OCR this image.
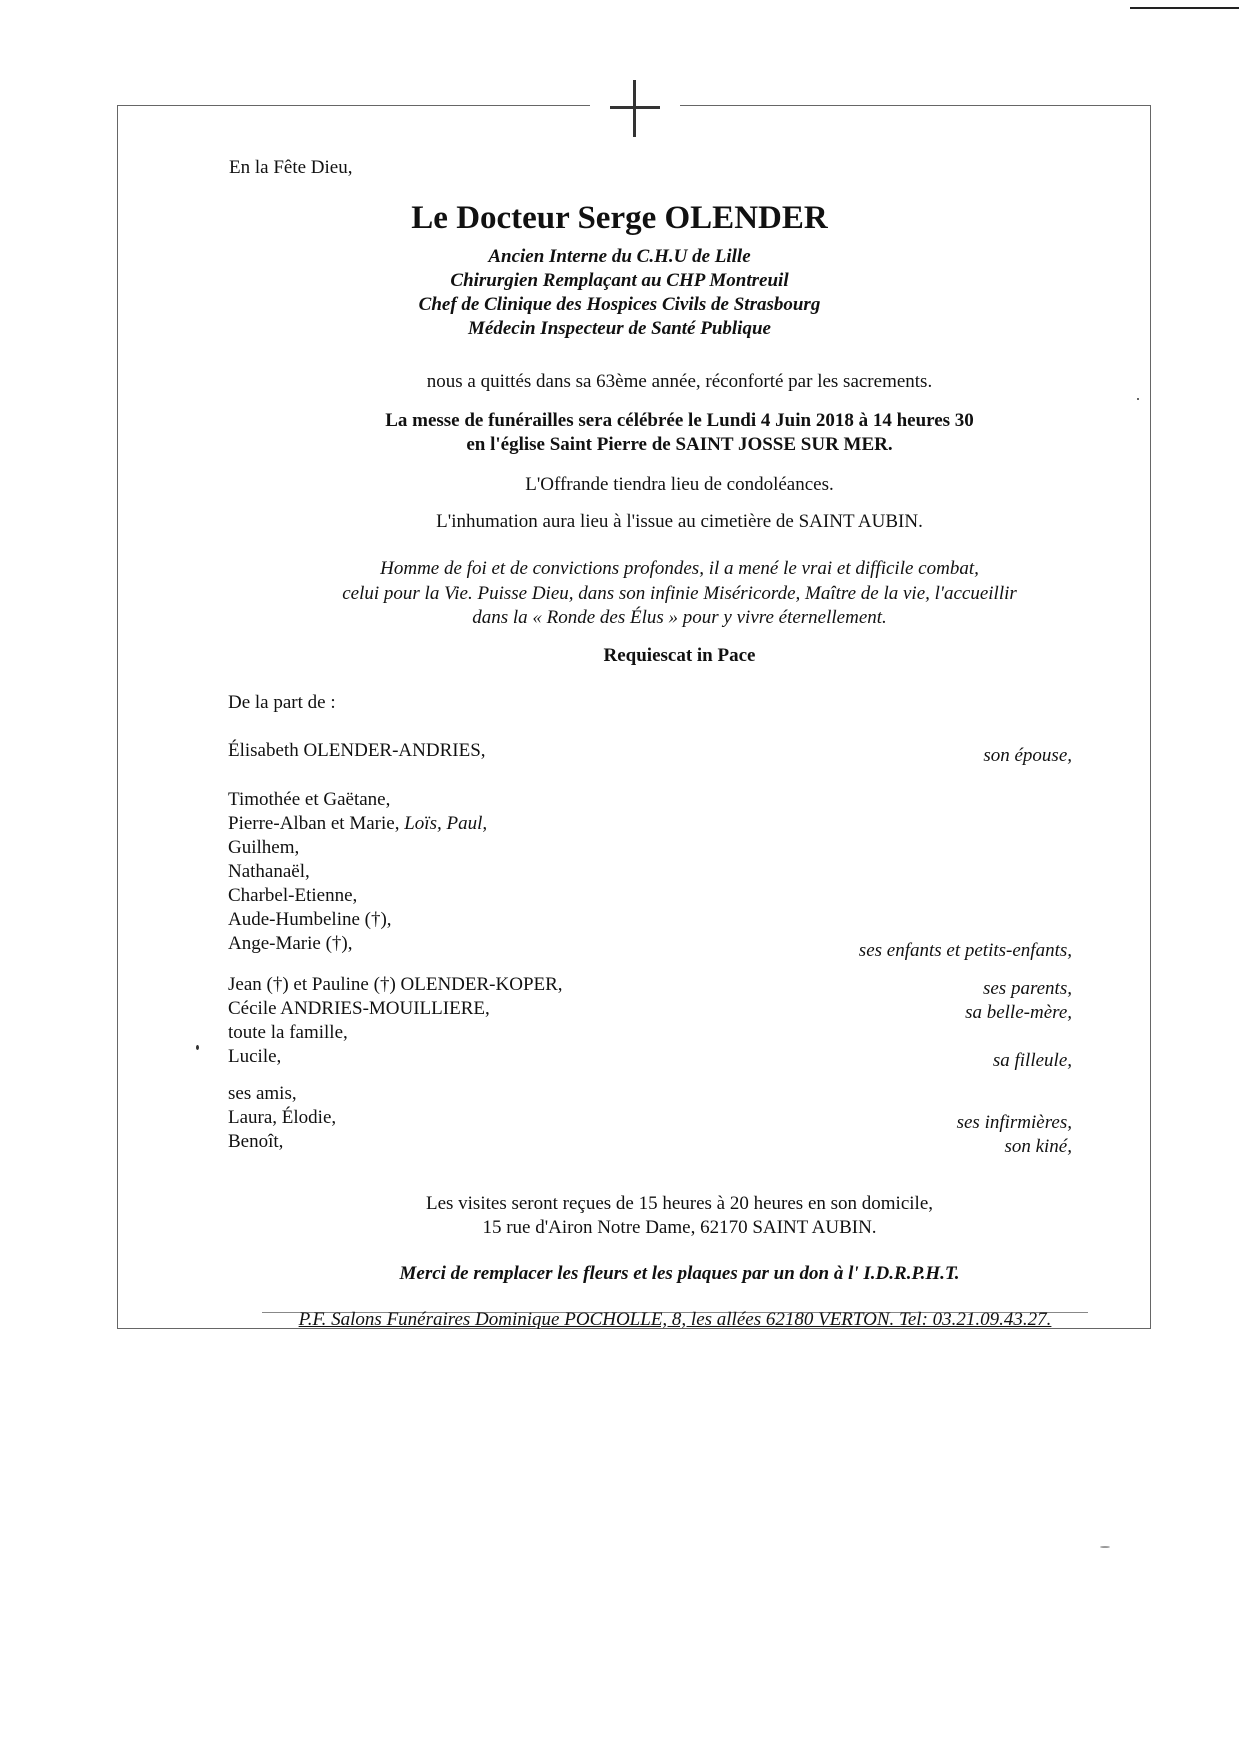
En la Fête Dieu,
Le Docteur Serge OLENDER
Ancien Interne du C.H.U de Lille
Chirurgien Remplaçant au CHP Montreuil
Chef de Clinique des Hospices Civils de Strasbourg
Médecin Inspecteur de Santé Publique
nous a quittés dans sa 63ème année, réconforté par les sacrements.
La messe de funérailles sera célébrée le Lundi 4 Juin 2018 à 14 heures 30
en l'église Saint Pierre de SAINT JOSSE SUR MER.
L'Offrande tiendra lieu de condoléances.
L'inhumation aura lieu à l'issue au cimetière de SAINT AUBIN.
Homme de foi et de convictions profondes, il a mené le vrai et difficile combat,
celui pour la Vie. Puisse Dieu, dans son infinie Miséricorde, Maître de la vie, l'accueillir
dans la « Ronde des Élus » pour y vivre éternellement.
Requiescat in Pace
De la part de :
Élisabeth OLENDER-ANDRIES,	son épouse,
Timothée et Gaëtane,
Pierre-Alban et Marie, Loïs, Paul,
Guilhem,
Nathanaël,
Charbel-Etienne,
Aude-Humbeline (†),
Ange-Marie (†),	ses enfants et petits-enfants,
Jean (†) et Pauline (†) OLENDER-KOPER,
Cécile ANDRIES-MOUILLIERE,
toute la famille,
Lucile,
ses parents,
sa belle-mère,
sa filleule,
ses amis,
Laura, Élodie,
Benoît,
ses infirmières,
son kiné,
Les visites seront reçues de 15 heures à 20 heures en son domicile,
15 rue d'Airon Notre Dame, 62170 SAINT AUBIN.
Merci de remplacer les fleurs et les plaques par un don à l' I.D.R.P.H.T.
P.F. Salons Funéraires Dominique POCHOLLE, 8, les allées 62180 VERTON. Tel: 03.21.09.43.27.
